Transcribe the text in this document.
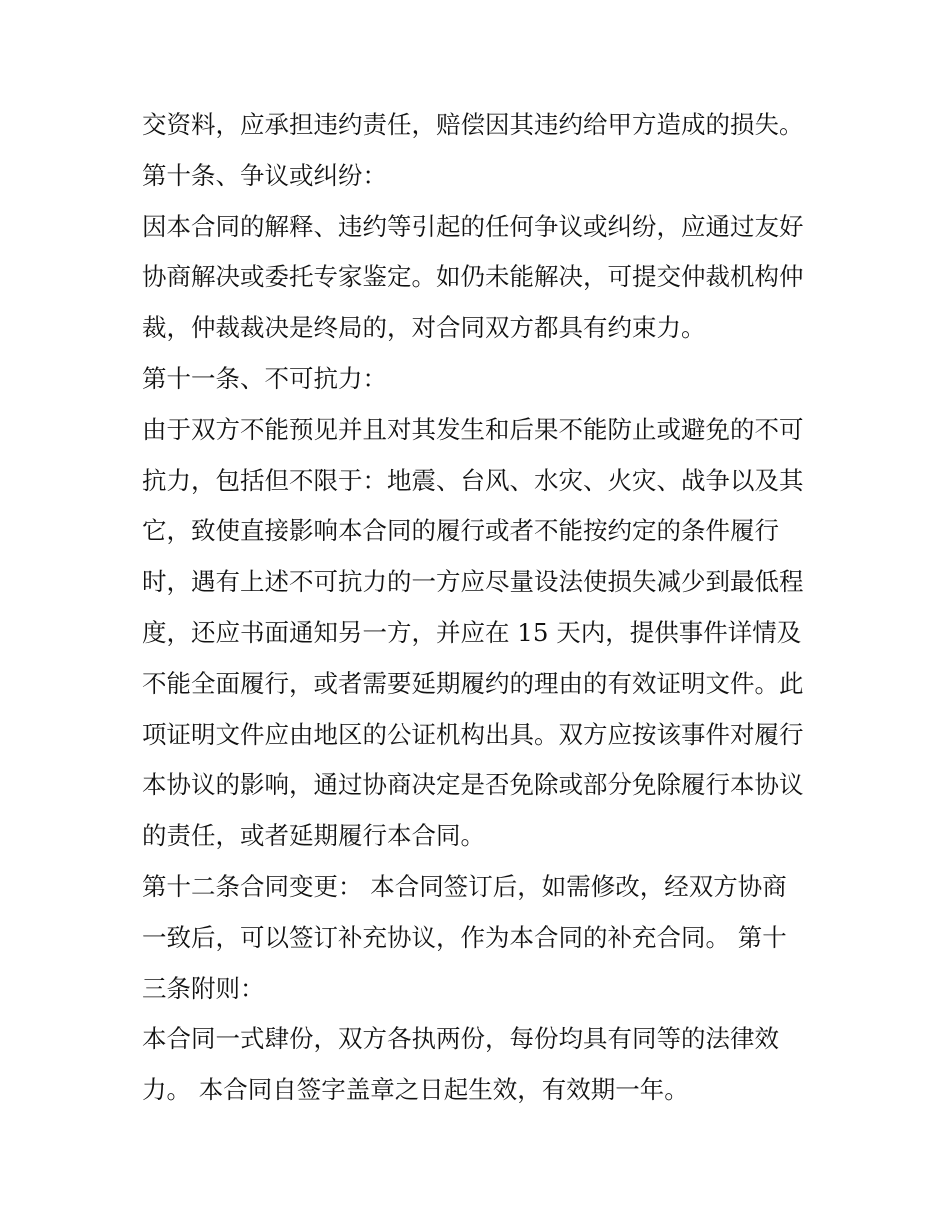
交资料，应承担违约责任，赔偿因其违约给甲方造成的损失。
第十条、争议或纠纷：
因本合同的解释、违约等引起的任何争议或纠纷，应通过友好
协商解决或委托专家鉴定。如仍未能解决，可提交仲裁机构仲
裁，仲裁裁决是终局的，对合同双方都具有约束力。
第十一条、不可抗力：
由于双方不能预见并且对其发生和后果不能防止或避免的不可
抗力，包括但不限于：地震、台风、水灾、火灾、战争以及其
它，致使直接影响本合同的履行或者不能按约定的条件履行
时，遇有上述不可抗力的一方应尽量设法使损失减少到最低程
度，还应书面通知另一方，并应在 15 天内，提供事件详情及
不能全面履行，或者需要延期履约的理由的有效证明文件。此
项证明文件应由地区的公证机构出具。双方应按该事件对履行
本协议的影响，通过协商决定是否免除或部分免除履行本协议
的责任，或者延期履行本合同。
第十二条合同变更： 本合同签订后，如需修改，经双方协商
一致后，可以签订补充协议，作为本合同的补充合同。 第十
三条附则：
本合同一式肆份，双方各执两份，每份均具有同等的法律效
力。 本合同自签字盖章之日起生效，有效期一年。
